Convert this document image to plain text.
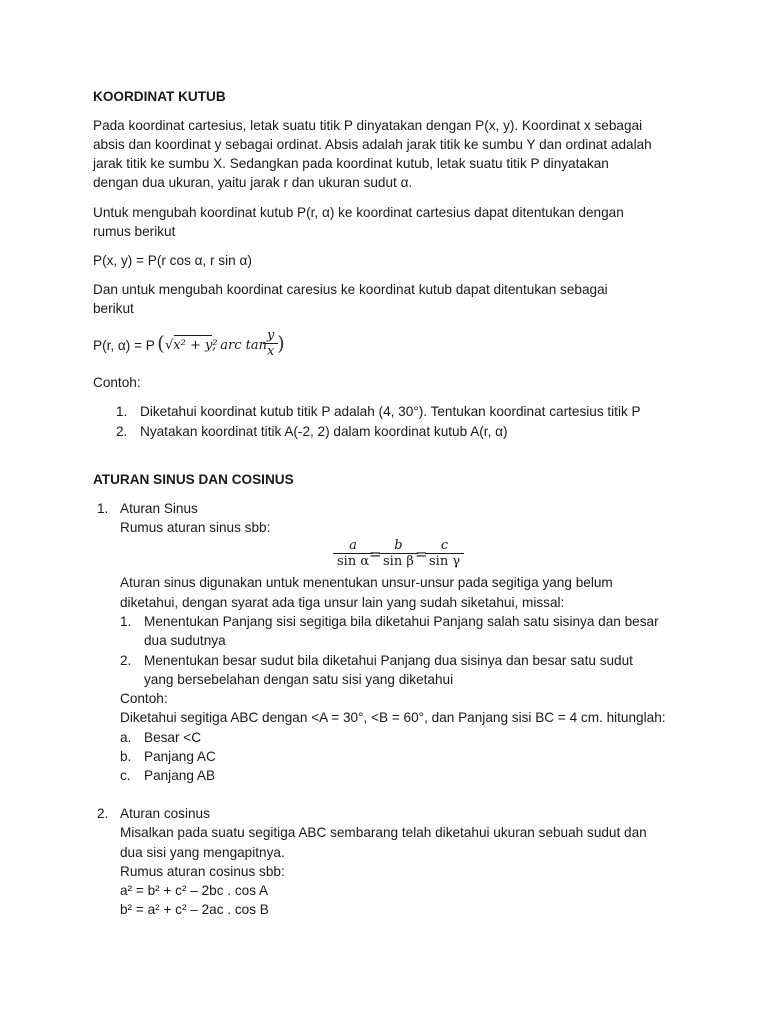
KOORDINAT KUTUB
Pada koordinat cartesius, letak suatu titik P dinyatakan dengan P(x, y). Koordinat x sebagai
absis dan koordinat y sebagai ordinat. Absis adalah jarak titik ke sumbu Y dan ordinat adalah
jarak titik ke sumbu X. Sedangkan pada koordinat kutub, letak suatu titik P dinyatakan
dengan dua ukuran, yaitu jarak r dan ukuran sudut α.
Untuk mengubah koordinat kutub P(r, α) ke koordinat cartesius dapat ditentukan dengan
rumus berikut
P(x, y) = P(r cos α, r sin α)
Dan untuk mengubah koordinat caresius ke koordinat kutub dapat ditentukan sebagai
berikut
P(r, α) = P ( √x² + y²
, arc tan
$\frac{y}{x}$
)
Contoh:
1. Diketahui koordinat kutub titik P adalah (4, 30°). Tentukan koordinat cartesius titik P
2. Nyatakan koordinat titik A(-2, 2) dalam koordinat kutub A(r, α)
ATURAN SINUS DAN COSINUS
1. Aturan Sinus
Rumus aturan sinus sbb:
$\frac{a}{\text{sin α}}$
=
$\frac{b}{\text{sin β}}$
=
$\frac{c}{\text{sin γ}}$
Aturan sinus digunakan untuk menentukan unsur-unsur pada segitiga yang belum
diketahui, dengan syarat ada tiga unsur lain yang sudah siketahui, missal:
1. Menentukan Panjang sisi segitiga bila diketahui Panjang salah satu sisinya dan besar
dua sudutnya
2. Menentukan besar sudut bila diketahui Panjang dua sisinya dan besar satu sudut
yang bersebelahan dengan satu sisi yang diketahui
Contoh:
Diketahui segitiga ABC dengan <A = 30°, <B = 60°, dan Panjang sisi BC = 4 cm. hitunglah:
a. Besar <C
b. Panjang AC
c. Panjang AB
2. Aturan cosinus
Misalkan pada suatu segitiga ABC sembarang telah diketahui ukuran sebuah sudut dan
dua sisi yang mengapitnya.
Rumus aturan cosinus sbb:
a² = b² + c² – 2bc . cos A
b² = a² + c² – 2ac . cos B
